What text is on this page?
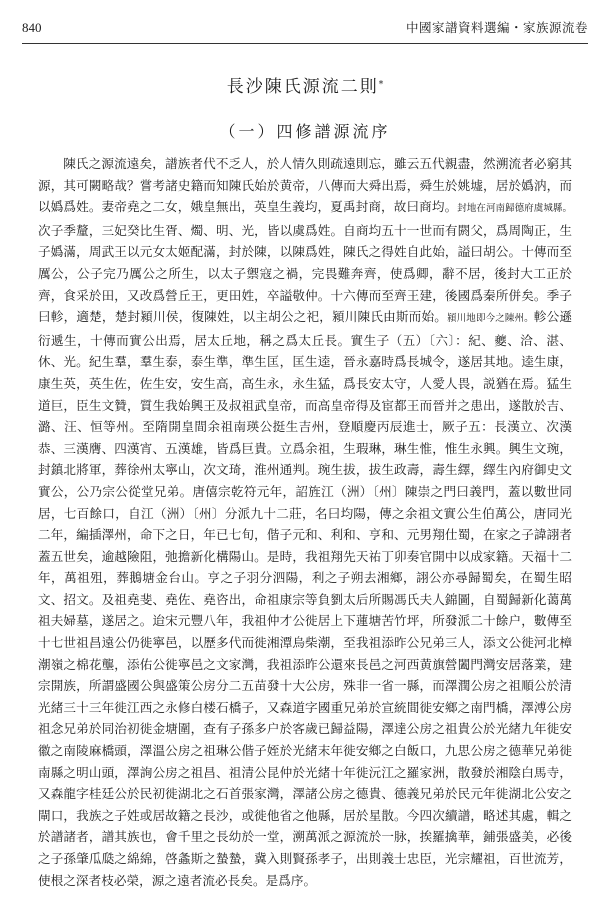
840	中國家譜資料選編・家族源流卷
長沙陳氏源流二則*
（一）四修譜源流序

陳氏之源流遠矣，譜族者代不乏人，於人情久則疏遠則忘，雖云五代親盡，然溯流者必窮其源，其可闕略哉？嘗考諸史籍而知陳氏始於黄帝，八傳而大舜出焉，舜生於姚墟，居於嬀汭，而以嬀爲姓。妻帝堯之二女，娥皇無出，英皇生義均，夏禹封商，故曰商均。封地在河南歸德府虞城縣。次子季釐，三妃癸比生胥、燭、明、光，皆以虞爲姓。自商均五十一世而有閼父，爲周陶正，生子嬀滿，周武王以元女太姬配滿，封於陳，以陳爲姓，陳氏之得姓自此始，謚曰胡公。十傳而至厲公，公子完乃厲公之所生，以太子禦寇之禍，完畏難奔齊，使爲卿，辭不居，後封大工正於齊，食采於田，又改爲營丘王，更田姓，卒謚敬仲。十六傳而至齊王建，後國爲秦所併矣。季子曰軫，適楚，楚封潁川侯，復陳姓，以主胡公之祀，潁川陳氏由斯而始。潁川地即今之陳州。軫公遜衍遞生，十傳而實公出焉，居太丘地，稱之爲太丘長。實生子（五）〔六〕：紀、夔、洽、湛、休、光。紀生羣，羣生泰，泰生準，準生匡，匡生逵，晉永嘉時爲長城令，遂居其地。逵生康，康生英，英生佐，佐生安，安生高，高生永，永生猛，爲長安太守，人愛人畏，説猶在焉。猛生道巨，臣生文贊，質生我始興王及叔祖武皇帝，而高皇帝得及宦都王而晉并之患出，遂散於吉、潞、汪、恒等州。至隋開皇間余祖南瑛公挺生吉州，登順慶丙辰進士，厥子五：長漢立、次漢恭、三漢膺、四漢宵、五漢雄，皆爲巨貴。立爲余祖，生瑕琳，琳生惟，惟生永興。興生文琬，封鎮北將軍，葬徐州太寧山，次文琦，淮州通判。琬生拔，拔生政壽，壽生繹，繹生內府御史文實公，公乃宗公從堂兄弟。唐僖宗乾符元年，詔旌江（洲）〔州〕陳崇之門曰義門，蓋以數世同居，七百餘口，自江（洲）〔州〕分派九十二莊，名曰均陽，傳之余祖文實公生伯萬公，唐同光二年，編插澤州，命下之日，年已七旬，偕子元和、利和、亨和、元男翔仕蜀，在家之子諱詡者蓋五世矣，逾越險阻，弛擔新化構陽山。是時，我祖翔先天祐丁卯奏官開中以成家籍。天福十二年，萬祖殂，葬鵝塘金台山。亨之子羽分泗陽，利之子朔去湘鄉，詡公亦尋歸蜀矣，在蜀生昭文、招文。及祖堯斐、堯佐、堯咨出，命祖康宗等負劉太后所賜馮氏夫人錦圖，自蜀歸新化蔼萬祖夫婦墓，遂居之。迨宋元豐八年，我祖仲才公徙居上下蓮塘苦竹坪，所發派二十餘户，數傳至十七世祖昌遠公仍徙寧邑，以歷多代而徙湘潭烏柴潮，至我祖添昨公兄弟三人，添文公徙河北樟潮嶺之棉花壟，添佑公徙寧邑之文家灣，我祖添昨公還來長邑之河西黄旗營闔門灣安居落業，建宗開族，所謂盛國公與盛策公房分二五苗發十大公房，殊非一省一縣，而澤潤公房之祖順公於清光緒三十三年徙江西之永修白楼石橋子，又森道字國重兄弟於宣統間徙安鄉之南門橋，澤溥公房祖念兄弟於同治初徙金塘圍，查有子孫多户於客歲已歸益陽，澤達公房之祖貴公於光緒九年徙安徽之南陵麻橋頭，澤溫公房之祖琳公偕子姪於光緒末年徙安鄉之白飯口，九思公房之德華兄弟徙南縣之明山頭，澤詢公房之祖昌、祖清公昆仲於光緒十年徙沅江之羅家洲，散發於湘陰白馬寺，又森龍字桂廷公於民初徙湖北之石首張家灣，澤諸公房之德貴、德義兄弟於民元年徙湖北公安之閘口，我族之子姓或居故籍之長沙，或徙他省之他縣，居於星散。今四次續譜，略述其處，輯之於譜諸者，譜其族也，會千里之長幼於一堂，溯萬派之源流於一脉，挨羅擒華，鋪張盛美，必後之子孫肇瓜瓞之綿綿，啓螽斯之蟄蟄，冀入則賢孫孝子，出則義士忠臣，光宗耀祖，百世流芳，使根之深者枝必榮，源之遠者流必長矣。是爲序。
